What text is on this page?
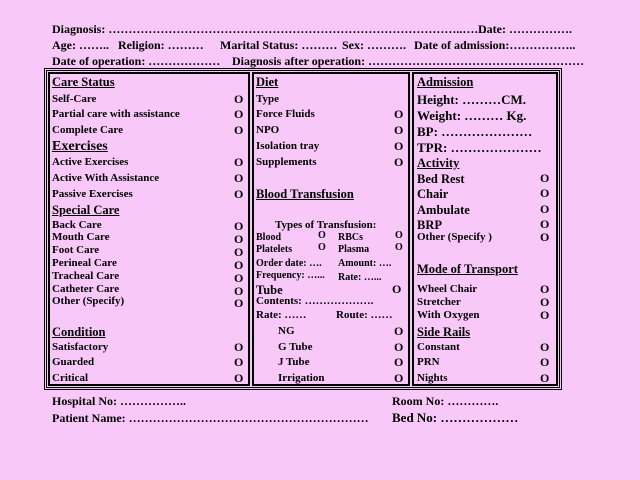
Diagnosis: ……………………………………………………………………………..……
Date: …………….
Age: …….. Religion: ……… Marital Status: ……… Sex: ………. Date of admission:……………..
Date of operation: ……………… Diagnosis after operation: ………………………………………………
Care Status
Self-Care	O
Partial care with assistance	O
Complete Care	O
Exercises
Active Exercises	O
Active With Assistance	O
Passive Exercises	O
Special Care
Back Care	O
Mouth Care	O
Foot Care	O
Perineal Care	O
Tracheal Care	O
Catheter Care	O
Other (Specify)	O
Condition
Satisfactory	O
Guarded	O
Critical	O
Diet
Type
Force Fluids	O
NPO	O
Isolation tray	O
Supplements	O
Blood Transfusion
Types of Transfusion:
Blood	O RBCs	O
Platelets	O Plasma	O
Order date: …. Amount: ….
Frequency: …... Rate: …...
Tube	O
Contents: ……………….
Rate: ……	Route: ……
NG	O
G Tube	O
J Tube	O
Irrigation	O
Admission
Height: ………CM.
Weight: ……… Kg.
BP: …………………
TPR: …………………
Activity
Bed Rest	O
Chair	O
Ambulate	O
BRP	O
Other (Specify )	O
Mode of Transport
Wheel Chair	O
Stretcher	O
With Oxygen	O
Side Rails
Constant	O
PRN	O
Nights	O
Hospital No: ……………..	Room No: ………….
Patient Name: …………………………………………………… Bed No: ………………
